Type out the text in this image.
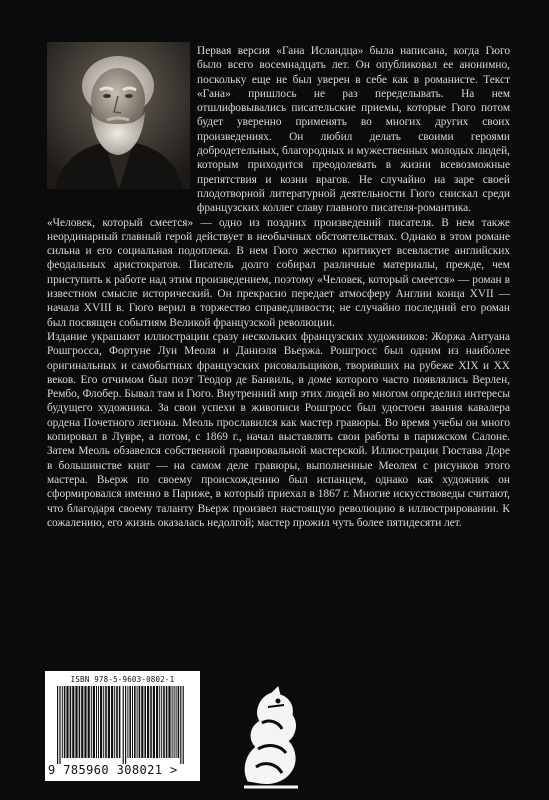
Первая версия «Гана Исландца» была написана, когда Гюго было всего восемнадцать лет. Он опубликовал ее анонимно, поскольку еще не был уверен в себе как в романисте. Текст «Гана» пришлось не раз переделывать. На нем отшлифовывались писательские приемы, которые Гюго потом будет уверенно применять во многих других своих произведениях. Он любил делать своими героями добродетельных, благородных и мужественных молодых людей, которым приходится преодолевать в жизни всевозможные препятствия и козни врагов. Не случайно на заре своей плодотворной литературной деятельности Гюго снискал среди французских коллег славу главного писателя-романтика.

«Человек, который смеется» — одно из поздних произведений писателя. В нем также неординарный главный герой действует в необычных обстоятельствах. Однако в этом романе сильна и его социальная подоплека. В нем Гюго жестко критикует всевластие английских феодальных аристократов. Писатель долго собирал различные материалы, прежде, чем приступить к работе над этим произведением, поэтому «Человек, который смеется» — роман в известном смысле исторический. Он прекрасно передает атмосферу Англии конца XVII — начала XVIII в. Гюго верил в торжество справедливости; не случайно последний его роман был посвящен событиям Великой французской революции.

Издание украшают иллюстрации сразу нескольких французских художников: Жоржа Антуана Рошгросса, Фортуне Луи Меоля и Даниэля Вьержа. Рошгросс был одним из наиболее оригинальных и самобытных французских рисовальщиков, творивших на рубеже XIX и XX веков. Его отчимом был поэт Теодор де Банвиль, в доме которого часто появлялись Верлен, Рембо, Флобер. Бывал там и Гюго. Внутренний мир этих людей во многом определил интересы будущего художника. За свои успехи в живописи Рошгросс был удостоен звания кавалера ордена Почетного легиона. Меоль прославился как мастер гравюры. Во время учебы он много копировал в Лувре, а потом, с 1869 г., начал выставлять свои работы в парижском Салоне. Затем Меоль обзавелся собственной гравировальной мастерской. Иллюстрации Гюстава Доре в большинстве книг — на самом деле гравюры, выполненные Меолем с рисунков этого мастера. Вьерж по своему происхождению был испанцем, однако как художник он сформировался именно в Париже, в который приехал в 1867 г. Многие искусствоведы считают, что благодаря своему таланту Вьерж произвел настоящую революцию в иллюстрировании. К сожалению, его жизнь оказалась недолгой; мастер прожил чуть более пятидесяти лет.

ISBN 978-5-9603-0802-1
9 785960 308021 >
